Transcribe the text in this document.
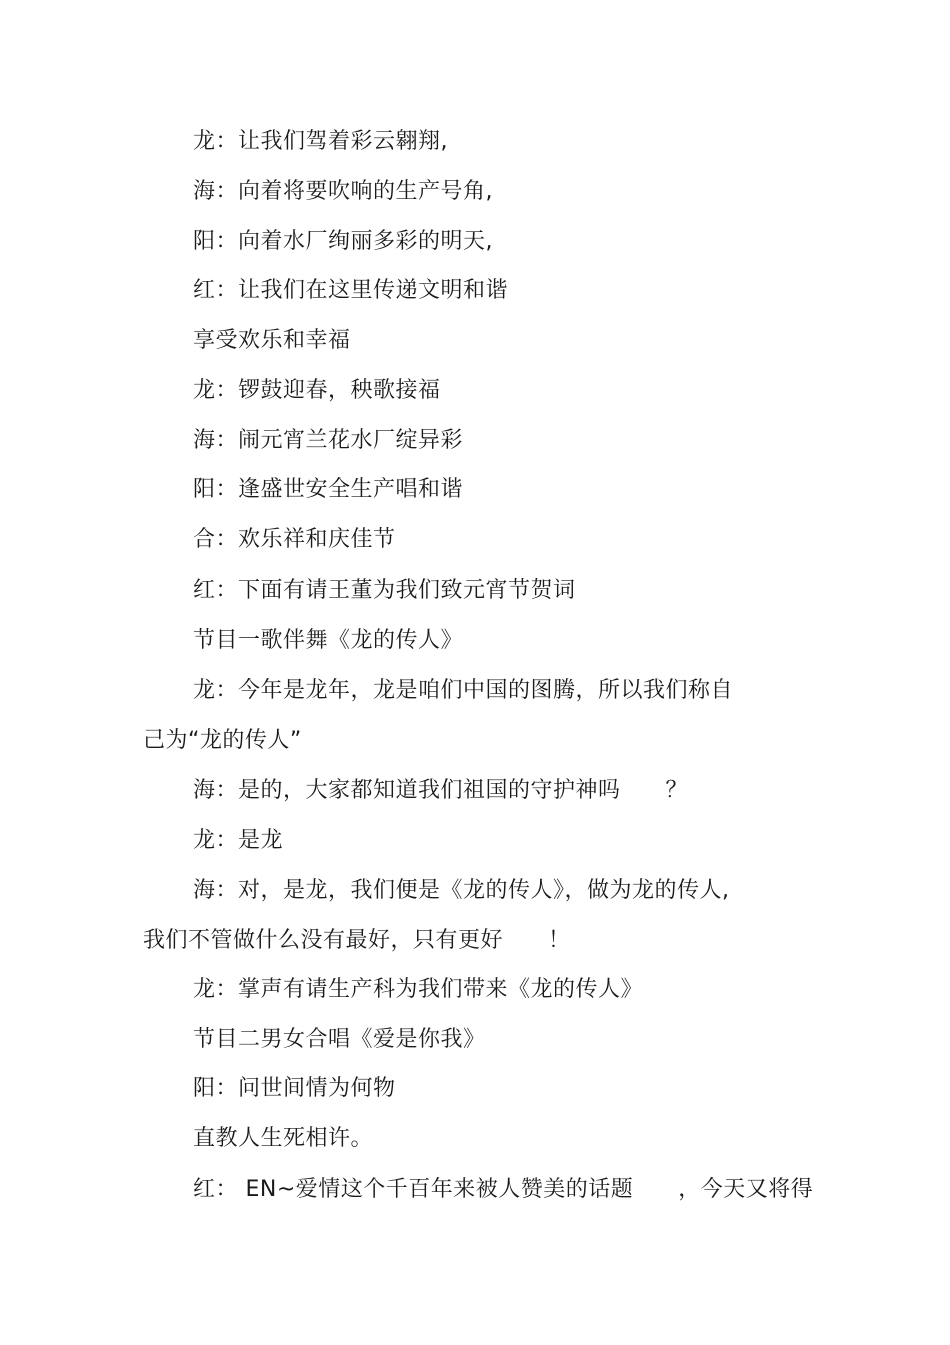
龙：让我们驾着彩云翱翔,
海：向着将要吹响的生产号角,
阳：向着水厂绚丽多彩的明天,
红：让我们在这里传递文明和谐
享受欢乐和幸福
龙：锣鼓迎春，秧歌接福
海：闹元宵兰花水厂绽异彩
阳：逢盛世安全生产唱和谐
合：欢乐祥和庆佳节
红：下面有请王董为我们致元宵节贺词
节目一歌伴舞《龙的传人》
龙：今年是龙年，龙是咱们中国的图腾，所以我们称自
己为“龙的传人”
海：是的，大家都知道我们祖国的守护神吗　　？
龙：是龙
海：对，是龙，我们便是《龙的传人》，做为龙的传人,
我们不管做什么没有最好，只有更好　　！
龙：掌声有请生产科为我们带来《龙的传人》
节目二男女合唱《爱是你我》
阳：问世间情为何物
直教人生死相许。
红： EN~爱情这个千百年来被人赞美的话题　　，今天又将得
